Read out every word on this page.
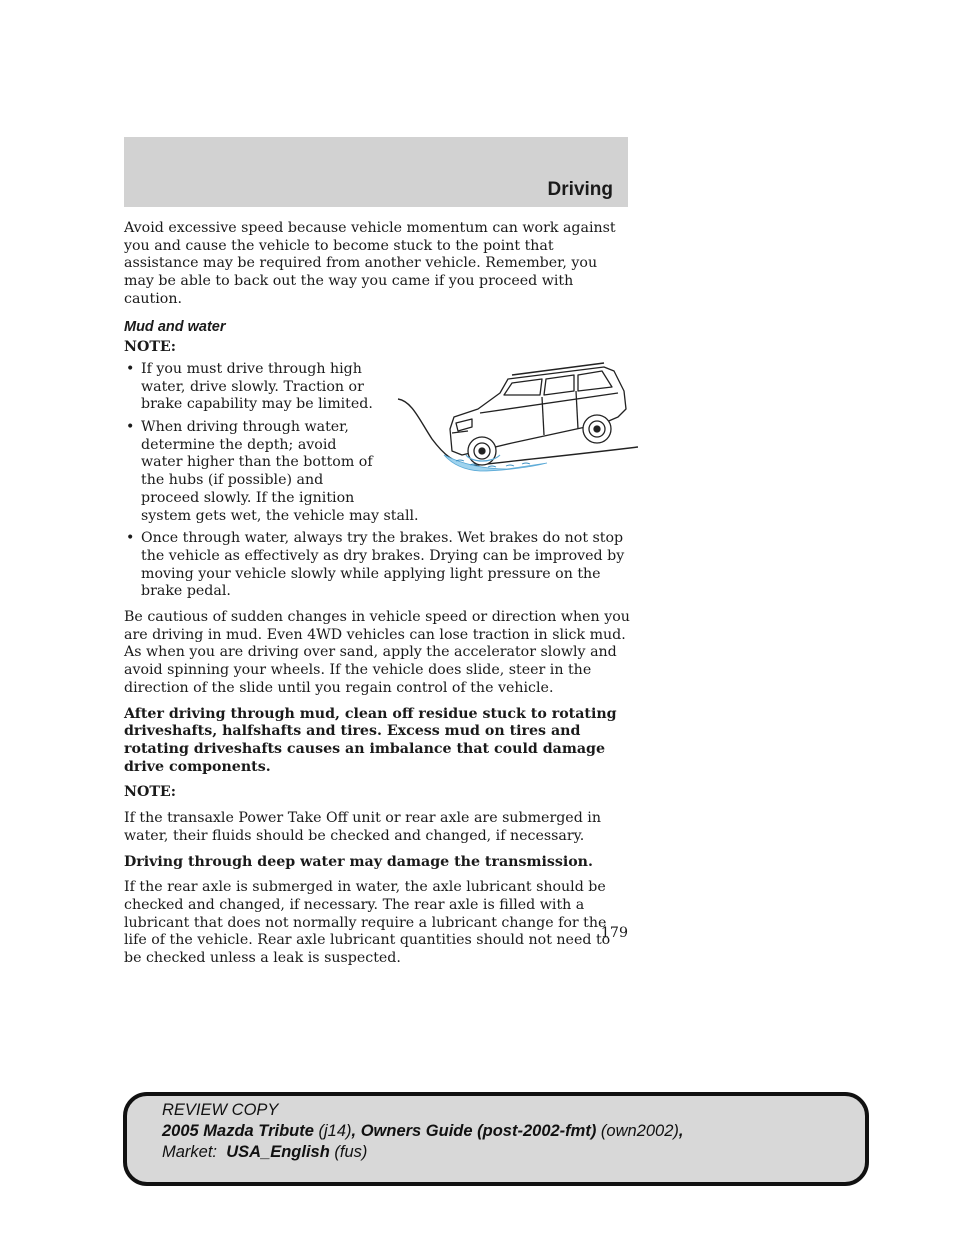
Driving

Avoid excessive speed because vehicle momentum can work against you and cause the vehicle to become stuck to the point that assistance may be required from another vehicle. Remember, you may be able to back out the way you came if you proceed with caution.

Mud and water
NOTE:
• If you must drive through high water, drive slowly. Traction or brake capability may be limited.
• When driving through water, determine the depth; avoid water higher than the bottom of the hubs (if possible) and proceed slowly. If the ignition system gets wet, the vehicle may stall.
• Once through water, always try the brakes. Wet brakes do not stop the vehicle as effectively as dry brakes. Drying can be improved by moving your vehicle slowly while applying light pressure on the brake pedal.

Be cautious of sudden changes in vehicle speed or direction when you are driving in mud. Even 4WD vehicles can lose traction in slick mud. As when you are driving over sand, apply the accelerator slowly and avoid spinning your wheels. If the vehicle does slide, steer in the direction of the slide until you regain control of the vehicle.

After driving through mud, clean off residue stuck to rotating driveshafts, halfshafts and tires. Excess mud on tires and rotating driveshafts causes an imbalance that could damage drive components.

NOTE:

If the transaxle Power Take Off unit or rear axle are submerged in water, their fluids should be checked and changed, if necessary.

Driving through deep water may damage the transmission.

If the rear axle is submerged in water, the axle lubricant should be checked and changed, if necessary. The rear axle is filled with a lubricant that does not normally require a lubricant change for the life of the vehicle. Rear axle lubricant quantities should not need to be checked unless a leak is suspected.

179
REVIEW COPY
2005 Mazda Tribute (j14), Owners Guide (post-2002-fmt) (own2002),
Market: USA_English (fus)
